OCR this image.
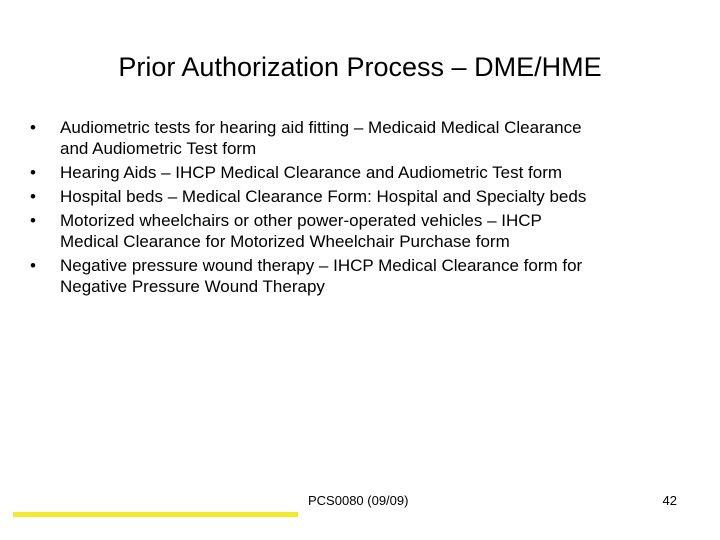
Prior Authorization Process – DME/HME
•	Audiometric tests for hearing aid fitting – Medicaid Medical Clearance and Audiometric Test form
•	Hearing Aids – IHCP Medical Clearance and Audiometric Test form
•	Hospital beds – Medical Clearance Form: Hospital and Specialty beds
•	Motorized wheelchairs or other power-operated vehicles – IHCP Medical Clearance for Motorized Wheelchair Purchase form
•	Negative pressure wound therapy – IHCP Medical Clearance form for Negative Pressure Wound Therapy
PCS0080 (09/09)	42
